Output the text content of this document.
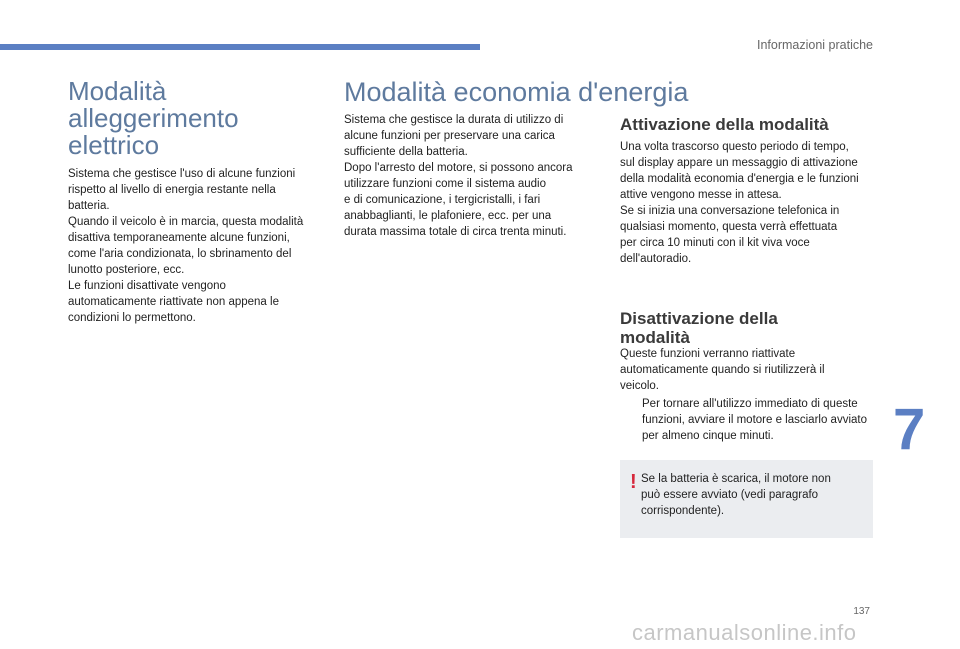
Informazioni pratiche
Modalità alleggerimento elettrico

Sistema che gestisce l'uso di alcune funzioni
rispetto al livello di energia restante nella
batteria.
Quando il veicolo è in marcia, questa modalità
disattiva temporaneamente alcune funzioni,
come l'aria condizionata, lo sbrinamento del
lunotto posteriore, ecc.
Le funzioni disattivate vengono
automaticamente riattivate non appena le
condizioni lo permettono.

Modalità economia d'energia

Sistema che gestisce la durata di utilizzo di
alcune funzioni per preservare una carica
sufficiente della batteria.
Dopo l'arresto del motore, si possono ancora
utilizzare funzioni come il sistema audio
e di comunicazione, i tergicristalli, i fari
anabbaglianti, le plafoniere, ecc. per una
durata massima totale di circa trenta minuti.

Attivazione della modalità

Una volta trascorso questo periodo di tempo,
sul display appare un messaggio di attivazione
della modalità economia d'energia e le funzioni
attive vengono messe in attesa.
Se si inizia una conversazione telefonica in
qualsiasi momento, questa verrà effettuata
per circa 10 minuti con il kit viva voce
dell'autoradio.

Disattivazione della modalità

Queste funzioni verranno riattivate
automaticamente quando si riutilizzerà il
veicolo.

Per tornare all'utilizzo immediato di queste funzioni, avviare il motore e lasciarlo avviato per almeno cinque minuti.
! Se la batteria è scarica, il motore non
può essere avviato (vedi paragrafo
corrispondente).
7
137
carmanualsonline.info
